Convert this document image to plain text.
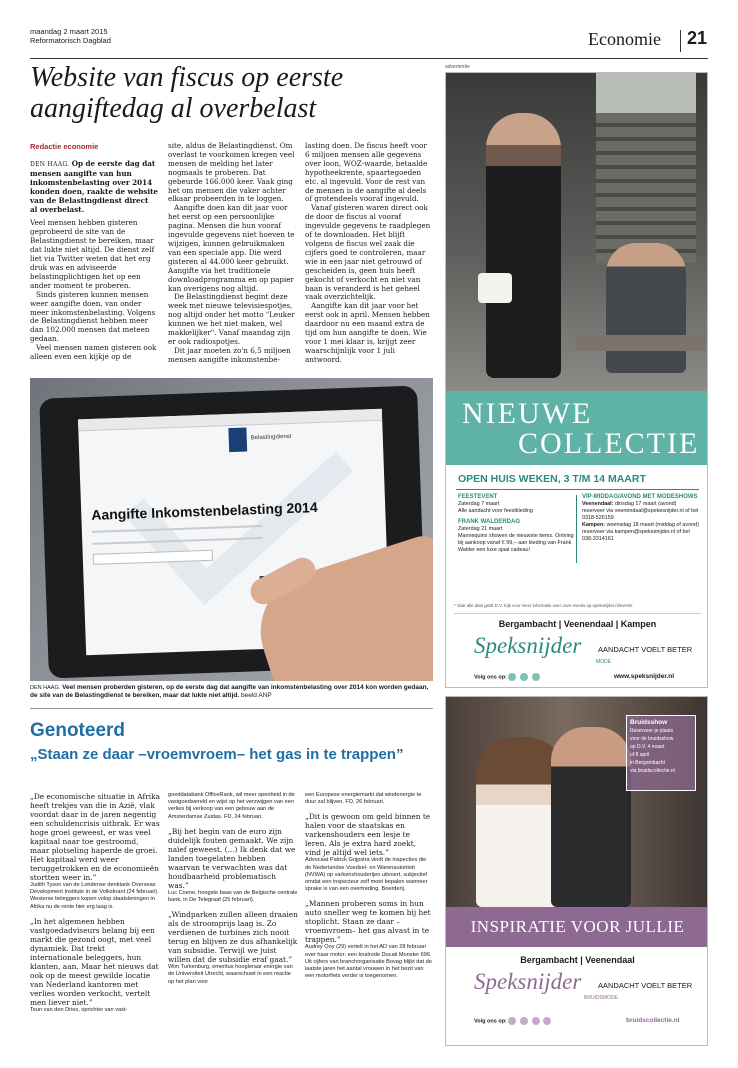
maandag 2 maart 2015
Reformatorisch Dagblad	Economie 21
Website van fiscus op eerste aangiftedag al overbelast
Redactie economie

DEN HAAG. Op de eerste dag dat mensen aangifte van hun inkomstenbelasting over 2014 konden doen, raakte de website van de Belastingdienst direct al overbelast.

Veel mensen hebben gisteren geprobeerd de site van de Belastingdienst te bereiken, maar dat lukte niet altijd. De dienst zelf liet via Twitter weten dat het erg druk was en adviseerde belastingplichtigen het op een ander moment te proberen.

Sinds gisteren kunnen mensen weer aangifte doen, van onder meer inkomstenbelasting. Volgens de Belastingdienst hebben meer dan 102.000 mensen dat meteen gedaan.

Veel mensen namen gisteren ook alleen even een kijkje op de

site, aldus de Belastingdienst. Om overlast te voorkomen kregen veel mensen de melding het later nogmaals te proberen. Dat gebeurde 166.000 keer. Vaak ging het om mensen die vaker achter elkaar probeerden in te loggen.

Aangifte doen kan dit jaar voor het eerst op een persoonlijke pagina. Mensen die hun vooraf ingevulde gegevens niet hoeven te wijzigen, kunnen gebruikmaken van een speciale app. Die werd gisteren al 44.000 keer gebruikt. Aangifte via het traditionele downloadprogramma en op papier kan overigens nog altijd.

De Belastingdienst begint deze week met nieuwe televisiespotjes, nog altijd onder het motto "Leuker kunnen we het niet maken, wel makkelijker". Vanaf maandag zijn er ook radiospotjes.

Dit jaar moeten zo'n 6,5 miljoen mensen aangifte inkomstenbe-

lasting doen. De fiscus heeft voor 6 miljoen mensen alle gegevens over loon, WOZ-waarde, betaalde hypotheekrente, spaartegoeden etc. al ingevuld. Voor de rest van de mensen is de aangifte al deels of grotendeels vooraf ingevuld.

Vanaf gisteren waren direct ook de door de fiscus al vooraf ingevulde gegevens te raadplegen of te downloaden. Het blijft volgens de fiscus wel zaak die cijfers goed te controleren, maar wie in een jaar niet getrouwd of gescheiden is, geen huis heeft gekocht of verkocht en niet van baan is veranderd is het geheel vaak overzichtelijk.

Aangifte kan dit jaar voor het eerst ook in april. Mensen hebben daardoor nu een maand extra de tijd om hun aangifte te doen. Wie voor 1 mei klaar is, krijgt zeer waarschijnlijk voor 1 juli antwoord.

Belastingdienst
Aangifte Inkomstenbelasting 2014
DEN HAAG. Veel mensen proberden gisteren, op de eerste dag dat aangifte van inkomstenbelasting over 2014 kon worden gedaan, de site van de Belastingdienst te bereiken, maar dat lukte niet altijd. beeld ANP
Genoteerd
„Staan ze daar –vroemvroem– het gas in te trappen”
„De economische situatie in Afrika heeft trekjes van die in Azië, vlak voordat daar in de jaren negentig een schuldencrisis uitbrak. Er was hoge groei geweest, er was veel kapitaal naar toe gestroomd, maar plotseling haperde de groei. Het kapitaal werd weer teruggetrokken en de economieën stortten weer in.”
Judith Tyson van de Londense denktank Overseas Development Institute in de Volkskrant (24 februari). Westerse beleggers kopen volop staatsleningen in Afrika nu de rente hier erg laag is.
„In het algemeen hebben vastgoedadviseurs belang bij een markt die gezond oogt, met veel dynamiek. Dat trekt internationale beleggers, hun klanten, aan. Maar het nieuws dat ook op de meest gewilde locatie van Nederland kantoren met verlies worden verkocht, vertelt men liever niet.”
Teun van den Dries, oprichter van vast-
goeddatabank OfficeRank, wil meer openheid in de vastgoedwereld en wijst op het verzwijgen van een verlies bij verkoop van een gebouw aan de Amsterdamse Zuidas. FD, 24 februari.
„Bij het begin van de euro zijn duidelijk fouten gemaakt. We zijn naïef geweest. (...) Ik denk dat we landen toegelaten hebben waarvan te verwachten was dat houdbaarheid problematisch was.”
Luc Coene, hoogste baas van de Belgische centrale bank, in De Telegraaf (25 februari).
„Windparken zullen alleen draaien als de stroomprijs laag is. Zo verdienen de turbines zich nooit terug en blijven ze dus afhankelijk van subsidie. Terwijl we juist willen dat de subsidie eraf gaat.”
Wim Turkenburg, emeritus hoogleraar energie van de Universiteit Utrecht, waarschuwt in een reactie op het plan voor
een Europese energiemarkt dat windenergie te duur zal blijven. FD, 26 februari.
„Dit is gewoon om geld binnen te halen voor de staatskas en varkenshouders een lesje te leren. Als je extra hard zoekt, vind je altijd wel iets.”
Advocaat Patrick Grijpstra vindt de inspecties die de Nederlandse Voedsel- en Warenautoriteit (NVWA) op varkenshouderijen uitvoert, subjectief omdat een inspecteur zelf moet bepalen wanneer sprake is van een overtreding. Boerderij.
„Mannen proberen soms in hun auto sneller weg te komen bij het stoplicht. Staan ze daar –vroemvroem– het gas alvast in te trappen.”
Audrey Ooy (29) vertelt in het AD van 28 februari over haar motor: een knalrode Ducati Monster 696. Uit cijfers van branchorganisatie Bovag blijkt dat de laatste jaren het aantal vrouwen in het bezit van een motorfiets verder is toegenomen.
advertentie
NIEUWE
COLLECTIE
OPEN HUIS WEKEN, 3 T/M 14 MAART
FEESTEVENT
Zaterdag 7 maart
Alle aandacht voor feestkleding
FRANK WALDERDAG
Zaterdag 21 maart
Mannequins showen de nieuwste items. Ontving bij aankoop vanaf € 99,– aan kleding van Frank Walder een luxe sjaal cadeau!
VIP-MIDDAG/AVOND MET MODESHOWS
Veenendaal: dinsdag 17 maart (avond) reserveer via veenendaal@spekesnijder.nl of bel 0318-526159
Kampen: woensdag 18 maart (middag of avond) reserveer via kampen@spekesnijder.nl of bel 038-3314161
* Vaar alle data geldt D.V. Kijk voor meer informatie over onze events op speksnijder.nl/events
Bergambacht | Veenendaal | Kampen
Speksnijder
MODE
AANDACHT VOELT BETER
Volg ons op:	www.speksnijder.nl
Bruidsshow
Reserveer je plaats
voor de bruidsshow
op D.V. 4 maart
of 8 april
in Bergambacht
via bruidscollectie.nl
INSPIRATIE VOOR JULLIE
Bergambacht | Veenendaal
Speksnijder
BRUIDSMODE
AANDACHT VOELT BETER
Volg ons op:	bruidscollectie.nl
